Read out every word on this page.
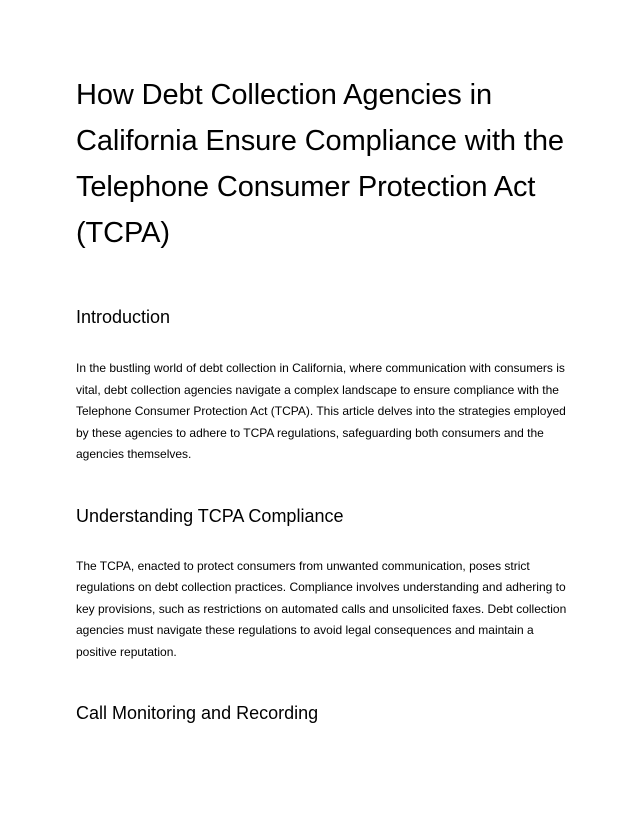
How Debt Collection Agencies in California Ensure Compliance with the Telephone Consumer Protection Act (TCPA)
Introduction

In the bustling world of debt collection in California, where communication with consumers is vital, debt collection agencies navigate a complex landscape to ensure compliance with the Telephone Consumer Protection Act (TCPA). This article delves into the strategies employed by these agencies to adhere to TCPA regulations, safeguarding both consumers and the agencies themselves.

Understanding TCPA Compliance

The TCPA, enacted to protect consumers from unwanted communication, poses strict regulations on debt collection practices. Compliance involves understanding and adhering to key provisions, such as restrictions on automated calls and unsolicited faxes. Debt collection agencies must navigate these regulations to avoid legal consequences and maintain a positive reputation.

Call Monitoring and Recording
